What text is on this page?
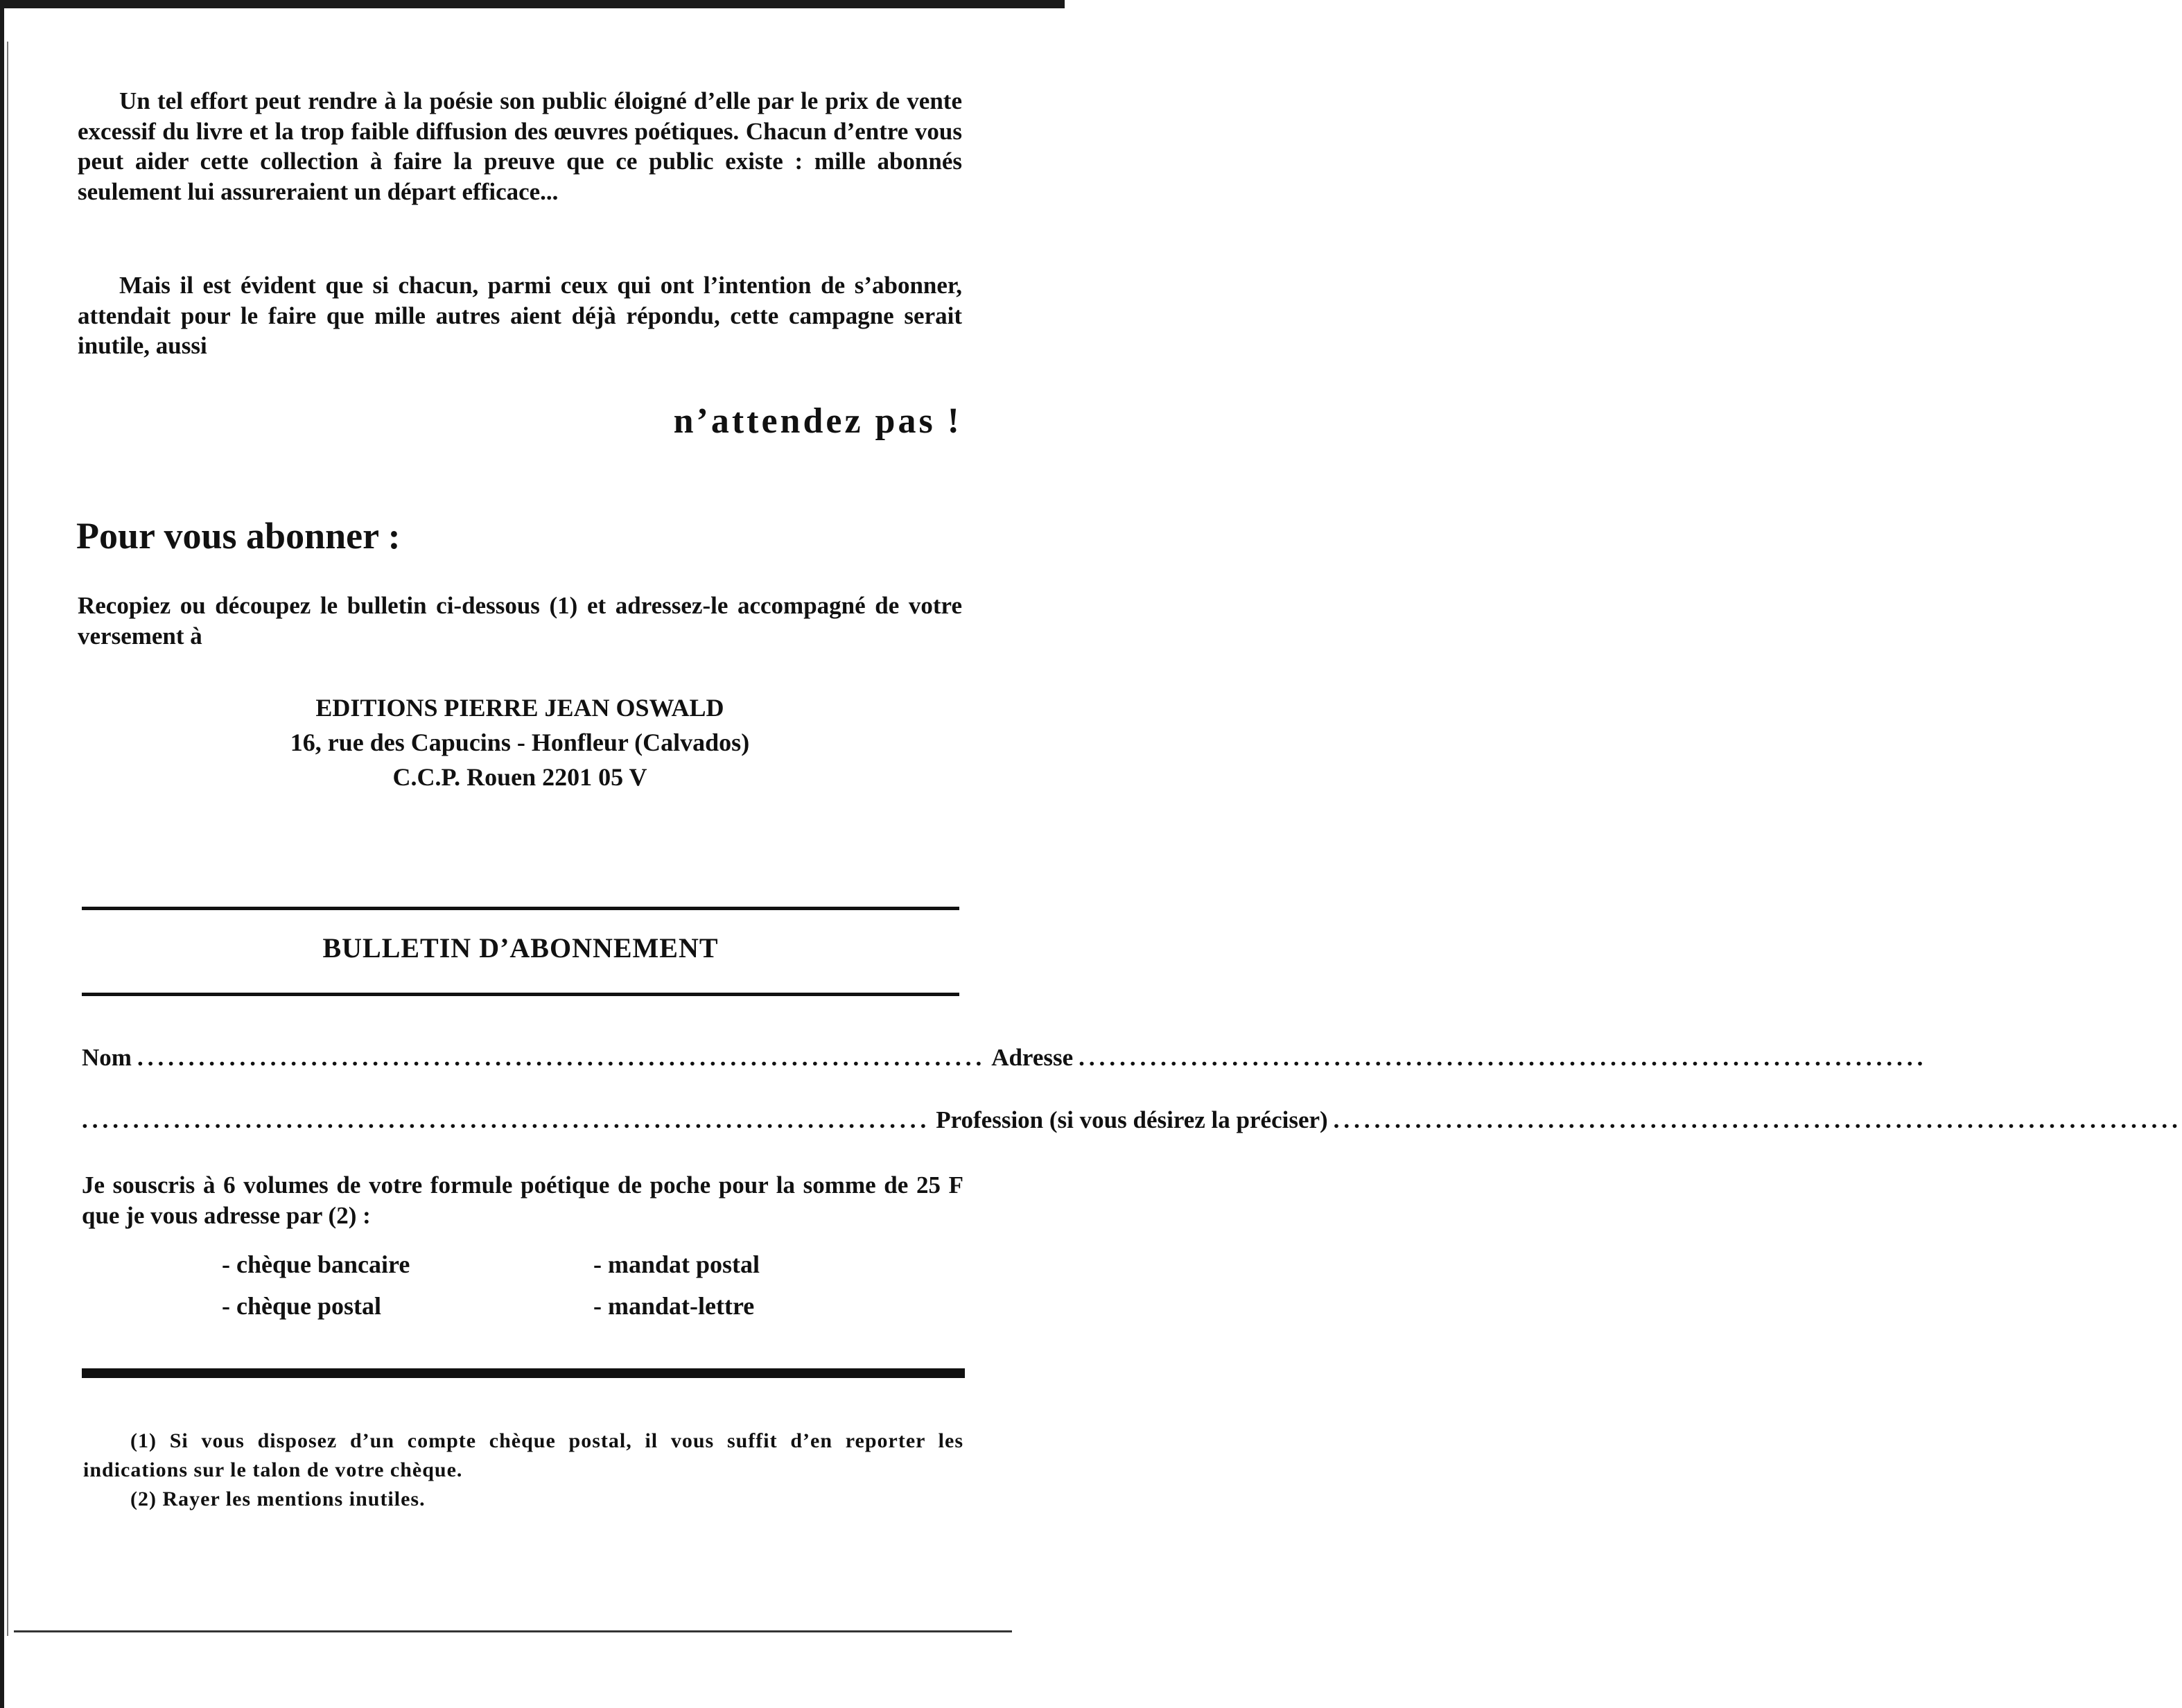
Un tel effort peut rendre à la poésie son public éloigné d’elle par le prix de vente excessif du livre et la trop faible diffusion des œuvres poétiques. Chacun d’entre vous peut aider cette collection à faire la preuve que ce public existe : mille abonnés seulement lui assureraient un départ efficace...

Mais il est évident que si chacun, parmi ceux qui ont l’intention de s’abonner, attendait pour le faire que mille autres aient déjà répondu, cette campagne serait inutile, aussi

n’attendez pas !

Pour vous abonner :

Recopiez ou découpez le bulletin ci-dessous (1) et adressez-le accompagné de votre versement à

EDITIONS PIERRE JEAN OSWALD
16, rue des Capucins - Honfleur (Calvados)
C.C.P. Rouen 2201 05 V
BULLETIN D’ABONNEMENT
Nom ................................................................................... Adresse ...................................................................................
................................................................................... Profession (si vous désirez la préciser) ...................................................................................

Je souscris à 6 volumes de votre formule poétique de poche pour la somme de 25 F que je vous adresse par (2) :

- chèque bancaire	- mandat postal
- chèque postal	- mandat-lettre

(1) Si vous disposez d’un compte chèque postal, il vous suffit d’en reporter les indications sur le talon de votre chèque.

(2) Rayer les mentions inutiles.
